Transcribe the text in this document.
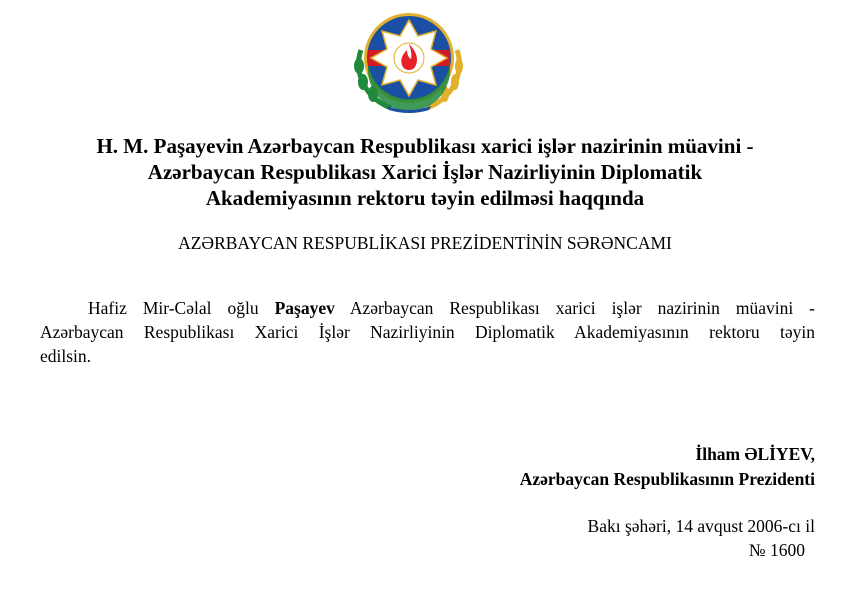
H. M. Paşayevin Azərbaycan Respublikası xarici işlər nazirinin müavini -
Azərbaycan Respublikası Xarici İşlər Nazirliyinin Diplomatik
Akademiyasının rektoru təyin edilməsi haqqında
AZƏRBAYCAN RESPUBLİKASI PREZİDENTİNİN SƏRƏNCAMI
Hafiz Mir-Cəlal oğlu Paşayev Azərbaycan Respublikası xarici işlər nazirinin müavini -
Azərbaycan Respublikası Xarici İşlər Nazirliyinin Diplomatik Akademiyasının rektoru təyin
edilsin.
İlham ƏLİYEV,
Azərbaycan Respublikasının Prezidenti
Bakı şəhəri, 14 avqust 2006-cı il
№ 1600
